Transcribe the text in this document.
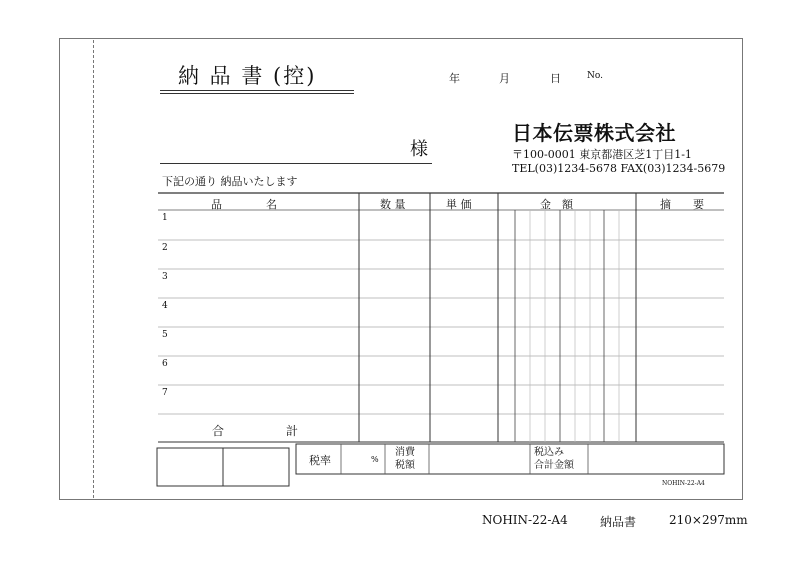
納 品 書 (控)	年	月	日	No.
様
日本伝票株式会社
〒100-0001 東京都港区芝1丁目1-1
TEL(03)1234-5678 FAX(03)1234-5679
下記の通り 納品いたします
品　　　　名	数 量	単 価	金　額	摘　　要
1
2
3
4
5
6
7
合	計
税率	%
消費
税額
税込み
合計金額
NOHIN-22-A4
NOHIN-22-A4	納品書	210×297mm
